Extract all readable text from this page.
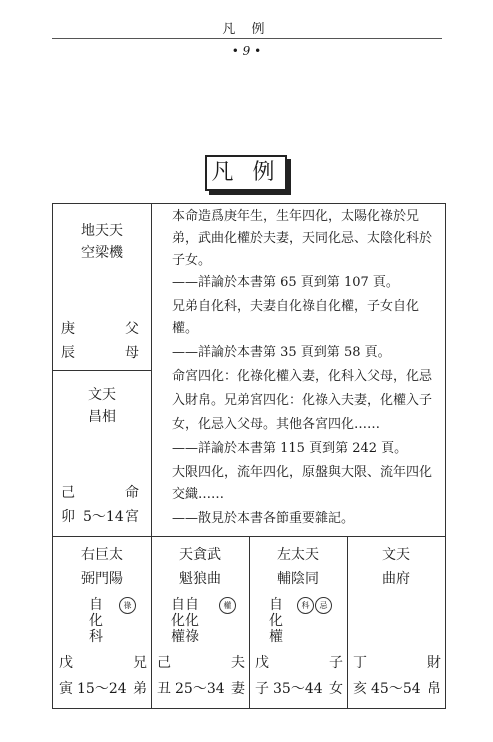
凡 例
• 9 •
凡 例
地天天
空梁機
庚	父
辰	母
文天
昌相
己	命
卯 5～14 宮
右巨太
弼門陽
自
化
科
祿
戊	兄
寅 15～24 弟
天貪武
魁狼曲
自自
化化
權祿
權
己	夫
丑 25～34 妻
左太天
輔陰同
自
化
權
科	忌
戊	子
子 35～44 女
文天
曲府
丁	財
亥 45～54 帛
本命造爲庚年生，生年四化，太陽化祿於兄
弟，武曲化權於夫妻，天同化忌、太陰化科於
子女。
——詳論於本書第 65 頁到第 107 頁。
兄弟自化科，夫妻自化祿自化權，子女自化
權。
——詳論於本書第 35 頁到第 58 頁。
命宮四化：化祿化權入妻，化科入父母，化忌
入財帛。兄弟宮四化：化祿入夫妻，化權入子
女，化忌入父母。其他各宮四化……
——詳論於本書第 115 頁到第 242 頁。
大限四化，流年四化，原盤與大限、流年四化
交織……
——散見於本書各節重要雜記。
